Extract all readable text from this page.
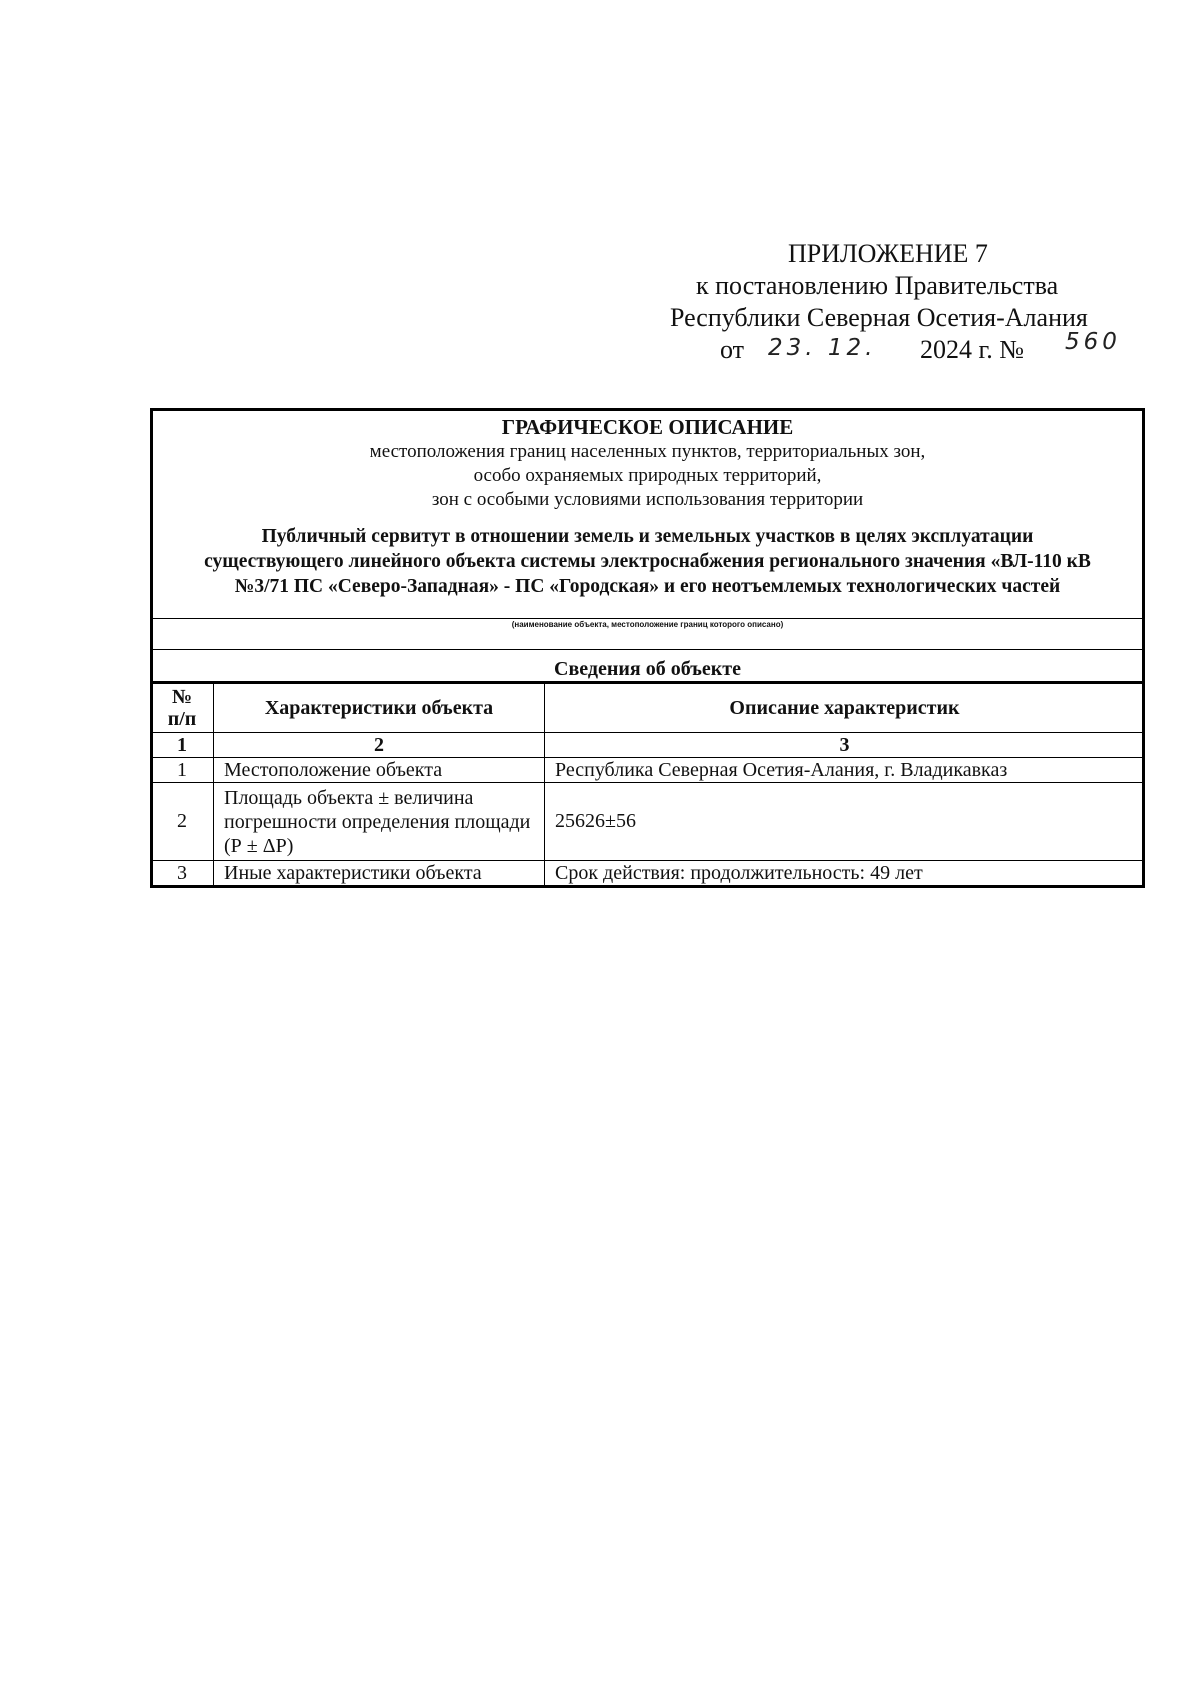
ПРИЛОЖЕНИЕ 7
к постановлению Правительства
Республики Северная Осетия-Алания
от 23. 12. 2024 г. № 560
ГРАФИЧЕСКОЕ ОПИСАНИЕ
местоположения границ населенных пунктов, территориальных зон,
особо охраняемых природных территорий,
зон с особыми условиями использования территории
Публичный сервитут в отношении земель и земельных участков в целях эксплуатации существующего линейного объекта системы электроснабжения регионального значения «ВЛ-110 кВ №3/71 ПС «Северо-Западная» - ПС «Городская» и его неотъемлемых технологических частей
(наименование объекта, местоположение границ которого описано)
Сведения об объекте
№ п/п	Характеристики объекта	Описание характеристик
1	2	3
1	Местоположение объекта	Республика Северная Осетия-Алания, г. Владикавказ
2	Площадь объекта ± величина погрешности определения площади (Р ± ΔР)	25626±56
3	Иные характеристики объекта	Срок действия: продолжительность: 49 лет
